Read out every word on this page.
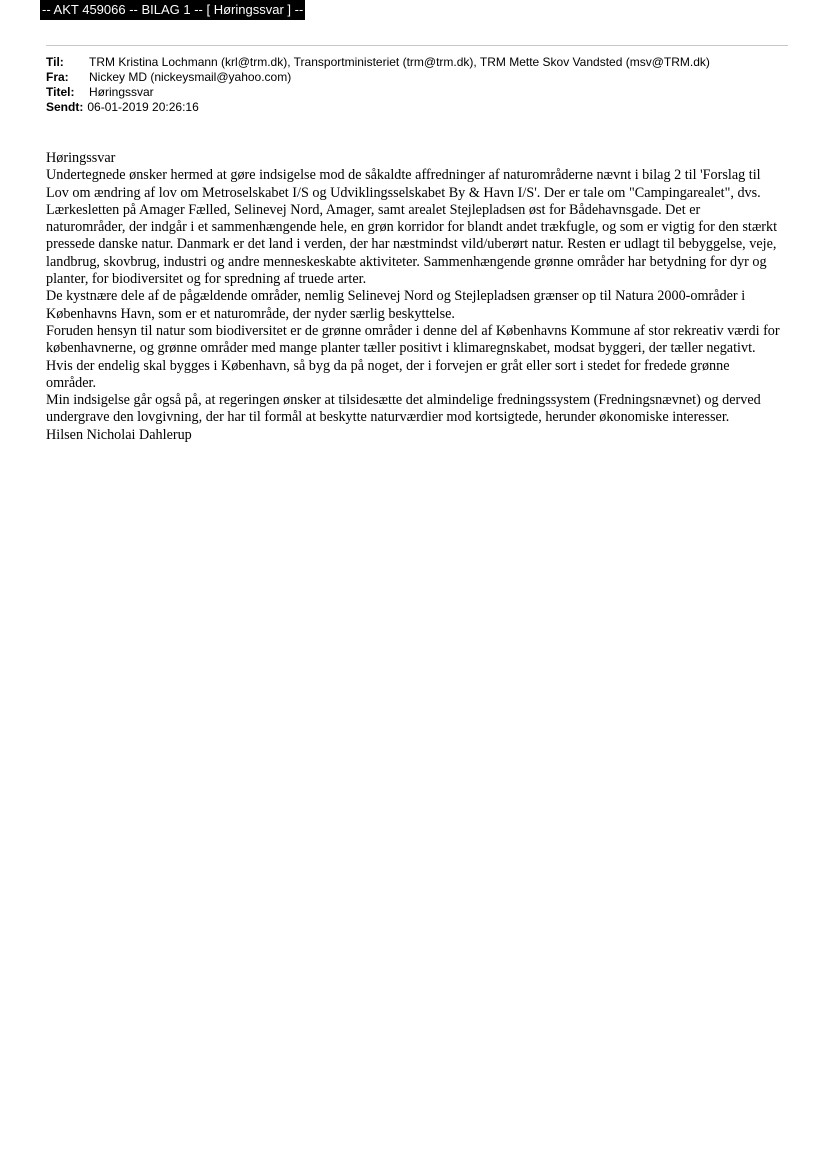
-- AKT 459066 -- BILAG 1 -- [ Høringssvar ] --
Til:	TRM Kristina Lochmann (krl@trm.dk), Transportministeriet (trm@trm.dk), TRM Mette Skov Vandsted (msv@TRM.dk)
Fra:	Nickey MD (nickeysmail@yahoo.com)
Titel:	Høringssvar
Sendt: 06-01-2019 20:26:16

Høringssvar

Undertegnede ønsker hermed at gøre indsigelse mod de såkaldte affredninger af naturområderne nævnt i bilag 2 til 'Forslag til Lov om ændring af lov om Metroselskabet I/S og Udviklingsselskabet By & Havn I/S'. Der er tale om "Campingarealet", dvs. Lærkesletten på Amager Fælled, Selinevej Nord, Amager, samt arealet Stejlepladsen øst for Bådehavnsgade. Det er naturområder, der indgår i et sammenhængende hele, en grøn korridor for blandt andet trækfugle, og som er vigtig for den stærkt pressede danske natur. Danmark er det land i verden, der har næstmindst vild/uberørt natur. Resten er udlagt til bebyggelse, veje, landbrug, skovbrug, industri og andre menneskeskabte aktiviteter. Sammenhængende grønne områder har betydning for dyr og planter, for biodiversitet og for spredning af truede arter.

De kystnære dele af de pågældende områder, nemlig Selinevej Nord og Stejlepladsen grænser op til Natura 2000-områder i Københavns Havn, som er et naturområde, der nyder særlig beskyttelse.

Foruden hensyn til natur som biodiversitet er de grønne områder i denne del af Københavns Kommune af stor rekreativ værdi for københavnerne, og grønne områder med mange planter tæller positivt i klimaregnskabet, modsat byggeri, der tæller negativt. Hvis der endelig skal bygges i København, så byg da på noget, der i forvejen er gråt eller sort i stedet for fredede grønne områder.

Min indsigelse går også på, at regeringen ønsker at tilsidesætte det almindelige fredningssystem (Fredningsnævnet) og derved undergrave den lovgivning, der har til formål at beskytte naturværdier mod kortsigtede, herunder økonomiske interesser.

Hilsen Nicholai Dahlerup
